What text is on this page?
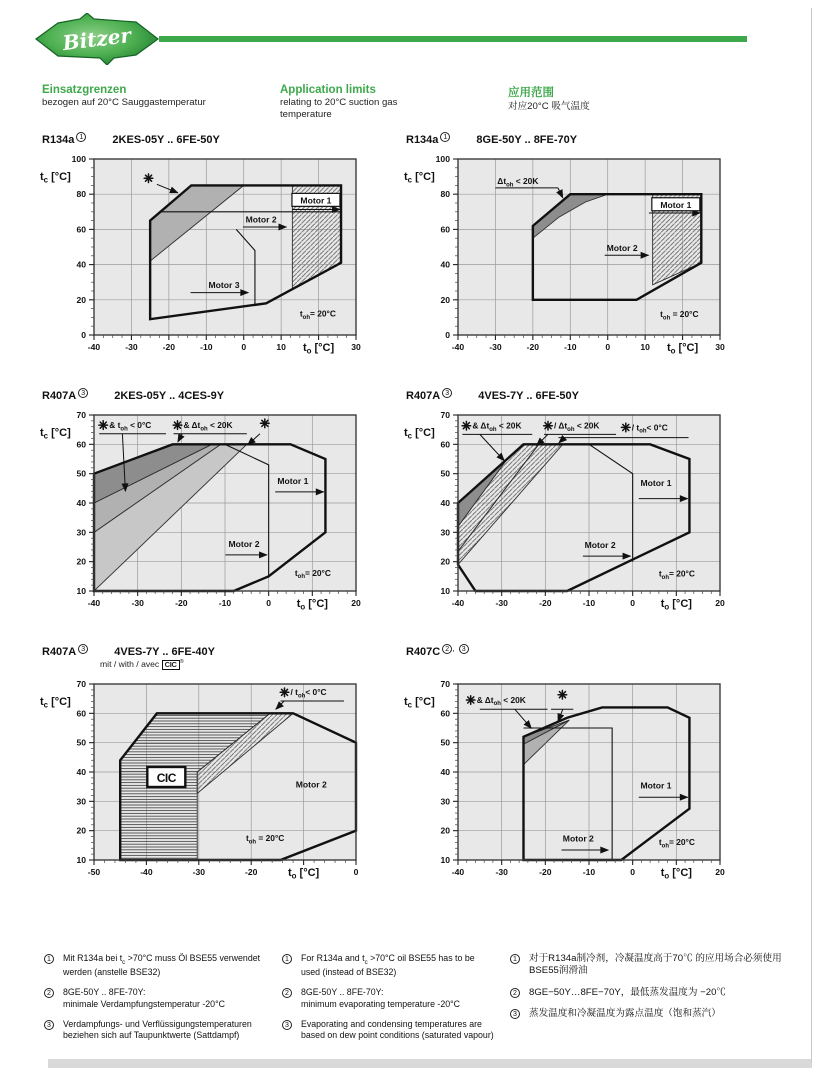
Bitzer
Einsatzgrenzen
bezogen auf 20°C Sauggastemperatur
Application limits
relating to 20°C suction gas temperature
应用范围
对应20°C 吸气温度
R134a 1	2KES-05Y .. 6FE-50Y
-40	-30	-20	-10	0	10	30
$t_o$ [°C]
0
20
40
60
80
100
$t_c$ [°C]
Motor 1
Motor 2
Motor 3
$t_{oh}= 20^\circ C$
R134a 1	8GE-50Y .. 8FE-70Y
-40	-30	-20	-10	0	10	30
$t_o$ [°C]
0
20
40
60
80
100
$t_c$ [°C]	$\Delta t_{oh} < 20K$
Motor 1
Motor 2
$t_{oh} = 20^\circ C$
R407A 3	2KES-05Y .. 4CES-9Y
-40	-30	-20	-10	0	20
$t_o$ [°C]
10
20
30
40
50
60
70
$t_c$ [°C]
& $t_{oh} < 0^\circ C$	& $\Delta t_{oh} < 20K$
Motor 1
Motor 2
$t_{oh}= 20^\circ C$
R407A 3	4VES-7Y .. 6FE-50Y
-40	-30	-20	-10	0	20
$t_o$ [°C]
10
20
30
40
50
60
70
$t_c$ [°C]
& $\Delta t_{oh} < 20K$	/ $\Delta t_{oh} < 20K$	/ $t_{oh}< 0^\circ C$
Motor 1
Motor 2
$t_{oh}= 20^\circ C$
R407A 3	4VES-7Y .. 6FE-40Y
mit / with / avec CIC ®
-50	-40	-30	-20	0
$t_o$ [°C]
10
20
30
40
50
60
70
$t_c$ [°C]
/ $t_{oh}< 0^\circ C$
CIC	Motor 2
$t_{oh} = 20^\circ C$
R407C 2 , 3
-40	-30	-20	-10	0	20
$t_o$ [°C]
10
20
30
40
50
60
70
$t_c$ [°C]	& $\Delta t_{oh} < 20K$
Motor 1
Motor 2	$t_{oh}= 20^\circ C$
1	Mit R134a bei $t_c >70^\circ C$ muss Öl BSE55 verwendet werden (anstelle BSE32)
2	8GE-50Y .. 8FE-70Y:
minimale Verdampfungstemperatur -20°C
3	Verdampfungs- und Verflüssigungstemperaturen beziehen sich auf Taupunktwerte (Sattdampf)
1	For R134a and $t_c >70^\circ C$ oil BSE55 has to be used (instead of BSE32)
2	8GE-50Y .. 8FE-70Y:
minimum evaporating temperature -20°C
3	Evaporating and condensing temperatures are based on dew point conditions (saturated vapour)
1	对于R134a制冷剂，冷凝温度高于70℃ 的应用场合必须使用BSE55润滑油
2	8GE−50Y…8FE−70Y，最低蒸发温度为 −20℃
3	蒸发温度和冷凝温度为露点温度（饱和蒸汽）
